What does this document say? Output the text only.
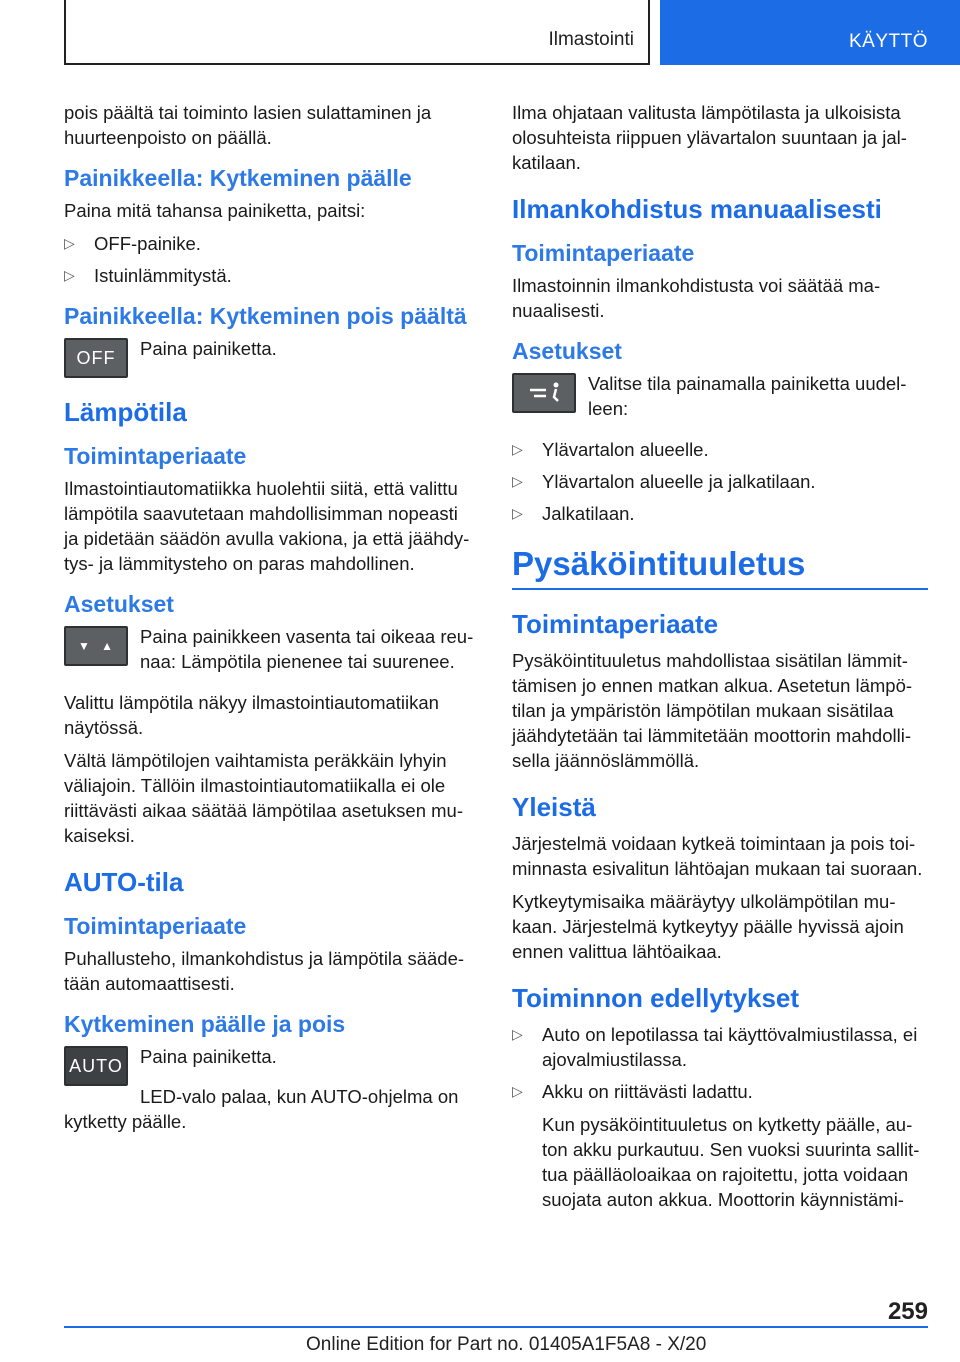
Ilmastointi	KÄYTTÖ

pois päältä tai toiminto lasien sulattaminen ja huurteenpoisto on päällä.

Painikkeella: Kytkeminen päälle

Paina mitä tahansa painiketta, paitsi:

▷ OFF-painike.
▷ Istuinlämmitystä.
Painikkeella: Kytkeminen pois päältä
OFF	Paina painiketta.

Lämpötila
Toimintaperiaate

Ilmastointiautomatiikka huolehtii siitä, että valittu lämpötila saavutetaan mahdollisimman nopeasti ja pidetään säädön avulla vakiona, ja että jäähdytys- ja lämmitysteho on paras mahdollinen.

Asetukset
▼ ▲ Paina painikkeen vasenta tai oikeaa reunaa: Lämpötila pienenee tai suurenee.

Valittu lämpötila näkyy ilmastointiautomatiikan näytössä.

Vältä lämpötilojen vaihtamista peräkkäin lyhyin väliajoin. Tällöin ilmastointiautomatiikalla ei ole riittävästi aikaa säätää lämpötilaa asetuksen mukaiseksi.

AUTO-tila
Toimintaperiaate

Puhallusteho, ilmankohdistus ja lämpötila säädetään automaattisesti.

Kytkeminen päälle ja pois
AUTO Paina painiketta.

LED-valo palaa, kun AUTO-ohjelma on kytketty päälle.

Ilma ohjataan valitusta lämpötilasta ja ulkoisista olosuhteista riippuen ylävartalon suuntaan ja jalkatilaan.

Ilmankohdistus manuaalisesti
Toimintaperiaate

Ilmastoinnin ilmankohdistusta voi säätää manuaalisesti.

Asetukset

Valitse tila painamalla painiketta uudelleen:

▷ Ylävartalon alueelle.
▷ Ylävartalon alueelle ja jalkatilaan.
▷ Jalkatilaan.
Pysäköintituuletus
Toimintaperiaate

Pysäköintituuletus mahdollistaa sisätilan lämmittämisen jo ennen matkan alkua. Asetetun lämpötilan ja ympäristön lämpötilan mukaan sisätilaa jäähdytetään tai lämmitetään moottorin mahdollisella jäännöslämmöllä.

Yleistä

Järjestelmä voidaan kytkeä toimintaan ja pois toiminnasta esivalitun lähtöajan mukaan tai suoraan.

Kytkeytymisaika määräytyy ulkolämpötilan mukaan. Järjestelmä kytkeytyy päälle hyvissä ajoin ennen valittua lähtöaikaa.

Toiminnon edellytykset
▷ Auto on lepotilassa tai käyttövalmiustilassa, ei ajovalmiustilassa.
▷ Akku on riittävästi ladattu.

Kun pysäköintituuletus on kytketty päälle, auton akku purkautuu. Sen vuoksi suurinta sallittua päälläoloaikaa on rajoitettu, jotta voidaan suojata auton akkua. Moottorin käynnistämi-

259
Online Edition for Part no. 01405A1F5A8 - X/20
